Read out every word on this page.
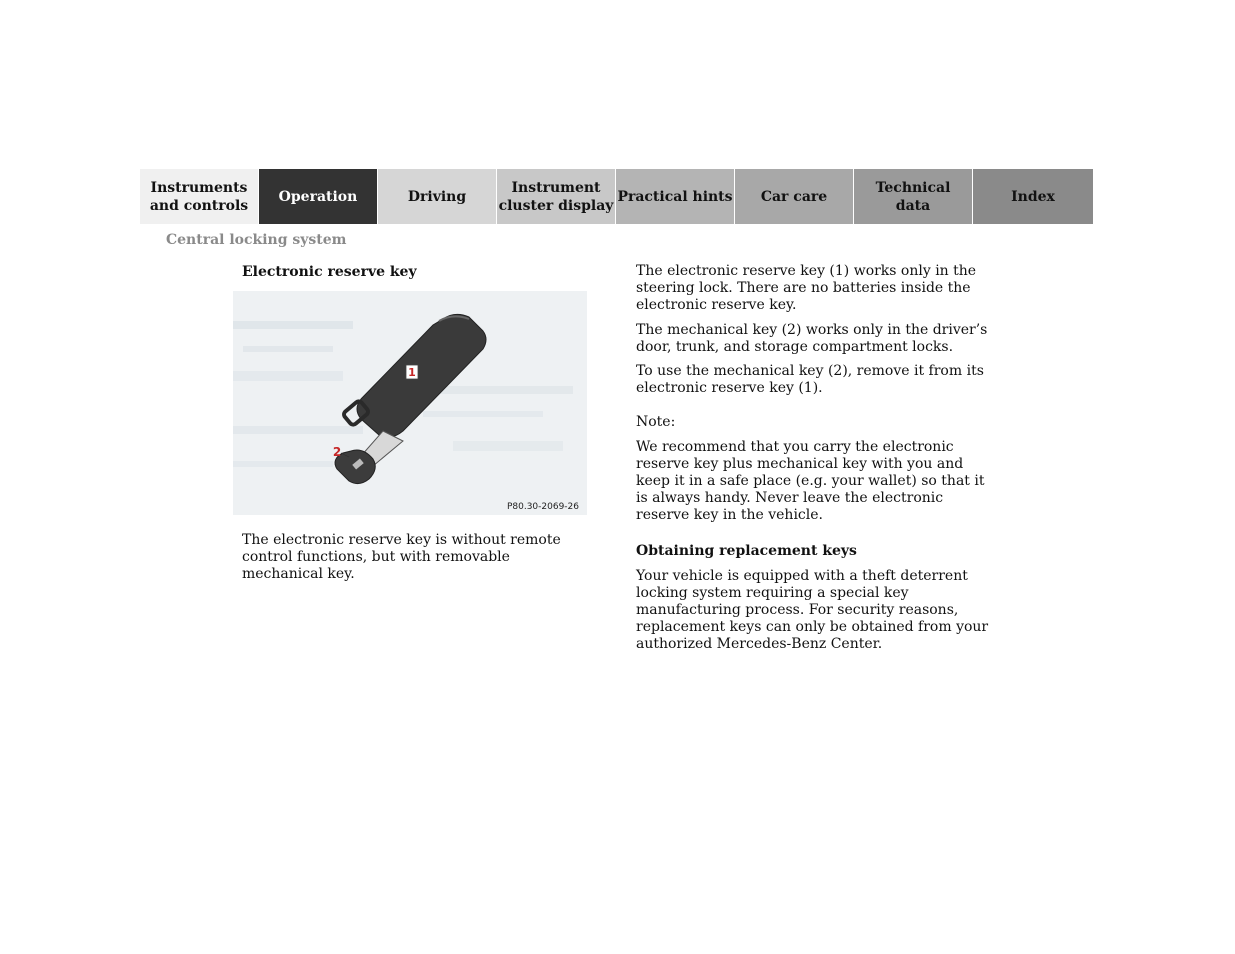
Instruments
and controls
Operation	Driving
Instrument
cluster display
Practical hints	Car care
Technical
data
Index
Central locking system
Electronic reserve key
1
2
P80.30-2069-26

The electronic reserve key is without remote control functions, but with removable mechanical key.

The electronic reserve key (1) works only in the steering lock. There are no batteries inside the electronic reserve key.

The mechanical key (2) works only in the driver’s door, trunk, and storage compartment locks.

To use the mechanical key (2), remove it from its electronic reserve key (1).

Note:

We recommend that you carry the electronic reserve key plus mechanical key with you and keep it in a safe place (e.g. your wallet) so that it is always handy. Never leave the electronic reserve key in the vehicle.

Obtaining replacement keys

Your vehicle is equipped with a theft deterrent locking system requiring a special key manufacturing process. For security reasons, replacement keys can only be obtained from your authorized Mercedes-Benz Center.
